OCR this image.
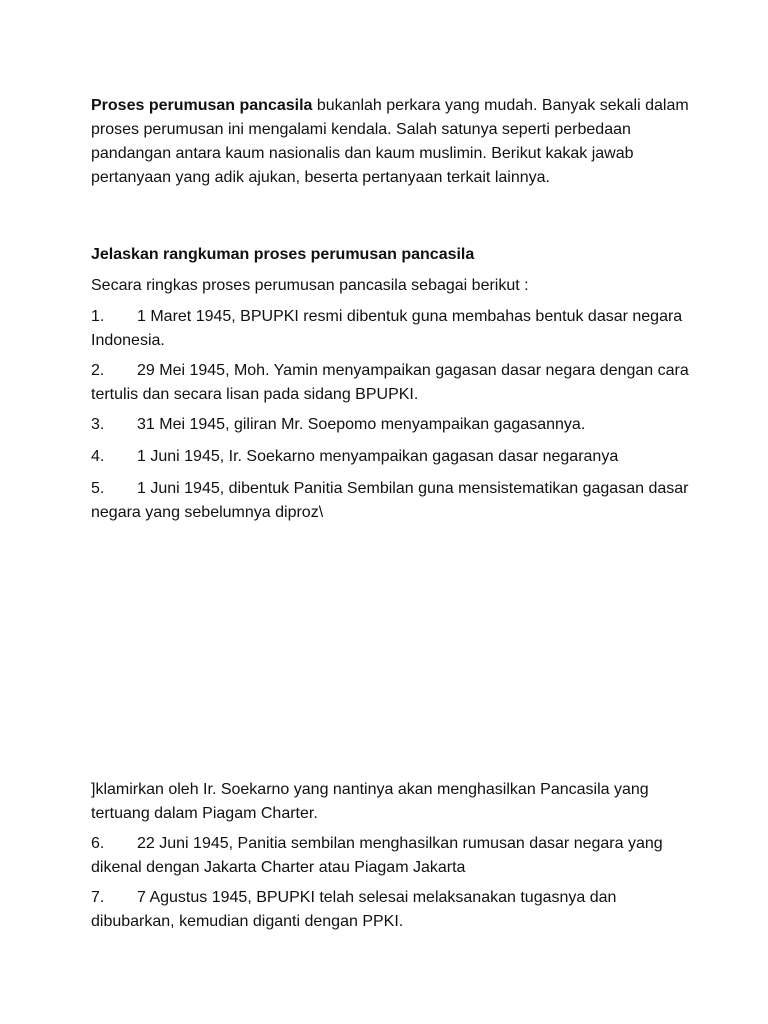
Proses perumusan pancasila bukanlah perkara yang mudah. Banyak sekali dalam proses perumusan ini mengalami kendala. Salah satunya seperti perbedaan pandangan antara kaum nasionalis dan kaum muslimin. Berikut kakak jawab pertanyaan yang adik ajukan, beserta pertanyaan terkait lainnya.

Jelaskan rangkuman proses perumusan pancasila

Secara ringkas proses perumusan pancasila sebagai berikut :

1. 1 Maret 1945, BPUPKI resmi dibentuk guna membahas bentuk dasar negara Indonesia.

2. 29 Mei 1945, Moh. Yamin menyampaikan gagasan dasar negara dengan cara tertulis dan secara lisan pada sidang BPUPKI.

3. 31 Mei 1945, giliran Mr. Soepomo menyampaikan gagasannya.

4. 1 Juni 1945, Ir. Soekarno menyampaikan gagasan dasar negaranya

5. 1 Juni 1945, dibentuk Panitia Sembilan guna mensistematikan gagasan dasar negara yang sebelumnya diproz\

]klamirkan oleh Ir. Soekarno yang nantinya akan menghasilkan Pancasila yang tertuang dalam Piagam Charter.

6. 22 Juni 1945, Panitia sembilan menghasilkan rumusan dasar negara yang dikenal dengan Jakarta Charter atau Piagam Jakarta

7. 7 Agustus 1945, BPUPKI telah selesai melaksanakan tugasnya dan dibubarkan, kemudian diganti dengan PPKI.
